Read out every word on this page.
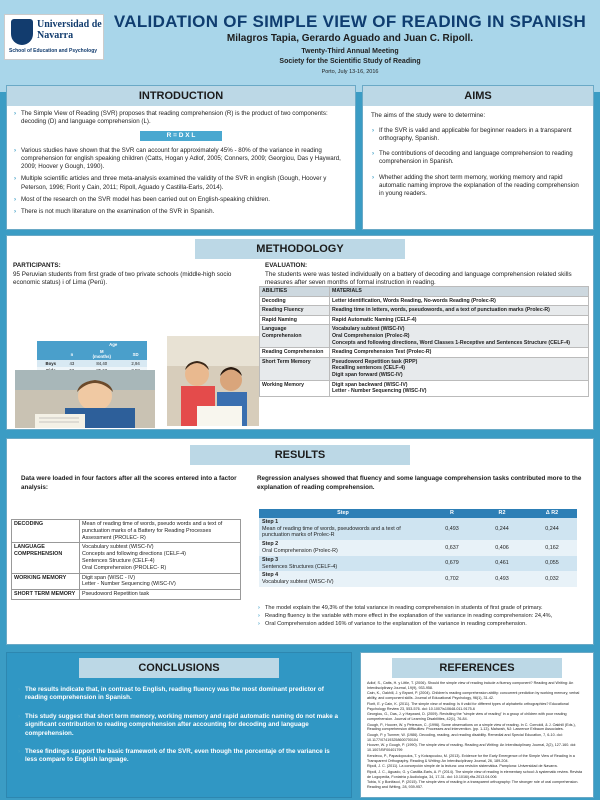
Universidad de Navarra
School of Education and Psychology
VALIDATION OF SIMPLE VIEW OF READING IN SPANISH
Milagros Tapia, Gerardo Aguado and Juan C. Ripoll.
Twenty-Third Annual Meeting
Society for the Scientific Study of Reading
Porto, July 13-16, 2016
INTRODUCTION
› The Simple View of Reading (SVR) proposes that reading comprehension (R) is the product of two components: decoding (D) and language comprehension (L).
R = D X L
› Various studies have shown that the SVR can account for approximately 45% - 80% of the variance in reading comprehension for english speaking children (Catts, Hogan y Adlof, 2005; Conners, 2009; Georgiou, Das y Hayward, 2009; Hoover y Gough, 1990).
› Multiple scientific articles and three meta-analysis examined the validity of the SVR in english (Gough, Hoover y Peterson, 1996; Florit y Cain, 2011; Ripoll, Aguado y Castilla-Earls, 2014).
› Most of the research on the SVR model has been carried out on English-speaking children.
› There is not much literature on the examination of the SVR in Spanish.
AIMS
The aims of the study were to determine:
› If the SVR is valid and applicable for beginner readers in a transparent orthography, Spanish.
› The contributions of decoding and language comprehension to reading comprehension in Spanish.
› Whether adding the short term memory, working memory and rapid automatic naming improve the explanation of the reading comprehension in young readers.
METHODOLOGY
PARTICIPANTS:
95 Peruvian students from first grade of two private schools (middle-high socio economic status) i of Lima (Perú).
		Age	
	n	M
(months)	SD
Boys	43	84,40	2,94

EVALUATION:
The students were was tested individually on a battery of decoding and language comprehension related skills measures after seven months of formal instruction in reading.
ABILITIES	MATERIALS
Decoding	Letter identification, Words Reading, No-words Reading (Prolec-R)
Reading Fluency	Reading time in letters, words, pseudowords, and a text of punctuation marks (Prolec-R)
Rapid Naming	Rapid Automatic Naming (CELF-4)
Language Comprehension	Vocabulary subtest (WISC-IV)
Oral Comprehension (Prolec-R)
Concepts and following directions, Word Classes 1-Receptive and Sentences Structure (CELF-4)
Reading Comprehension	Reading Comprehension Test (Prolec-R)
Short Term Memory	Pseudoword Repetition task (RPP)
Recalling sentences (CELF-4)
Digit span forward (WISC-IV)
Working Memory	Digit span backward (WISC-IV)
Letter - Number Sequencing (WISC-IV)
RESULTS
Data were loaded in four factors after all the scores entered into a factor analysis:
DECODING	Mean of reading time of words, pseudo words and a text of punctuation marks of a Battery for Reading Processes Assessment (PROLEC- R)
LANGUAGE COMPREHENSION	Vocabulary subtest (WISC-IV)
Concepts and following directions (CELF-4)
Sentences Structure (CELF-4)
Oral Comprehension (PROLEC- R)
WORKING MEMORY	Digit span (WISC - IV)
Letter - Number Sequencing (WISC-IV)
SHORT TERM MEMORY	Pseudoword Repetition task
Regression analyses showed that fluency and some language comprehension tasks contributed more to the explanation of reading comprehension.
Step	R	R2	Δ R2
Step 1
Mean of reading time of words, pseudowords and a text of punctuation marks of Prolec-R	0,493	0,244	0,244
Step 2
Oral Comprehension (Prolec-R)	0,637	0,406	0,162
Step 3
Sentences Structures (CELF-4)	0,679	0,461	0,055
Step 4
Vocabulary subtest (WISC-IV)	0,702	0,493	0,032
› The model explain the 49,3% of the total variance in reading comprehension in students of first grade of primary.
› Reading fluency is the variable with more effect in the explanation of the variance in reading comprehension: 24,4%,
› Oral Comprehension added 16% of variance to the explanation of the variance in reading comprehension.
CONCLUSIONS
› The results indicate that, in contrast to English, reading fluency was the most dominant predictor of reading comprehension in Spanish.
› This study suggest that short term memory, working memory and rapid automatic naming do not make a significant contribution to reading comprehension after accounting for decoding and language comprehension.
› These findings support the basic framework of the SVR, even though the porcentaje of the variance is less compare to English language.
REFERENCES
Adlof, S., Catts, H. y Little, T. (2006). Should the simple view of reading include a fluency component? Reading and Writing: An Interdisciplinary Journal, 19(9), 933-958.
Cain, K., Oakhill, J. y Bryant, P. (2004). Children's reading comprehension ability: concurrent prediction by working memory, verbal ability, and component skills. Journal of Educational Psychology, 96(1), 31-42.
Florit, E. y Cain, K. (2011). The simple view of reading: Is it valid for different types of alphabetic orthographies? Educational Psychology Review 23, 553-576. doi: 10.1007/s10648-011-9175-6
Georgiou, G., Das, J. y Hayward, D. (2009). Revisiting the "simple view of reading" in a group of children with poor reading comprehension. Journal of Learning Disabilities, 42(1), 76-84.
Gough, P., Hoover, W. y Peterson, C. (1996). Some observations on a simple view of reading. In C. Cornoldi, & J. Oakhill (Eds.), Reading comprehension difficulties: Processes and intervention. (pp. 1-13). Mahwah, NJ: Lawrence Erlbaum Associates.
Gough, P. y Tunmer, W. (1986). Decoding, reading, and reading disability. Remedial and Special Education, 7, 6-10. doi: 10.1177/074193258600700104
Hoover, W. y Gough, P. (1990). The simple view of reading. Reading and Writing: An Interdisciplinary Journal, 2(2), 127-160. doi: 10.1007/BF00401799
Kendeou, P., Papadopoulos, T. y Kotzapoulou, M. (2013). Evidence for the Early Emergence of the Simple View of Reading in a Transparent Orthography. Reading & Writing: An Interdisciplinary Journal, 26, 189-204.
Ripoll, J. C. (2011). La concepción simple de la lectura: una revisión sistemática. Pamplona: Universidad de Navarra.
Ripoll, J. C., Aguado, G. y Castilla-Earls, A. P. (2014). The simple view of reading in elementary school: A systematic review. Revista de Logopedia, Foniatría y Audiología, 34, 17-31. doi: 10.1016/j.rlfa.2013.04.006
Tobia, V. y Bonifacci, P. (2015). The simple view of reading in a transparent orthography: The stronger role of oral comprehension. Reading and Writing, 28, 939-957.
